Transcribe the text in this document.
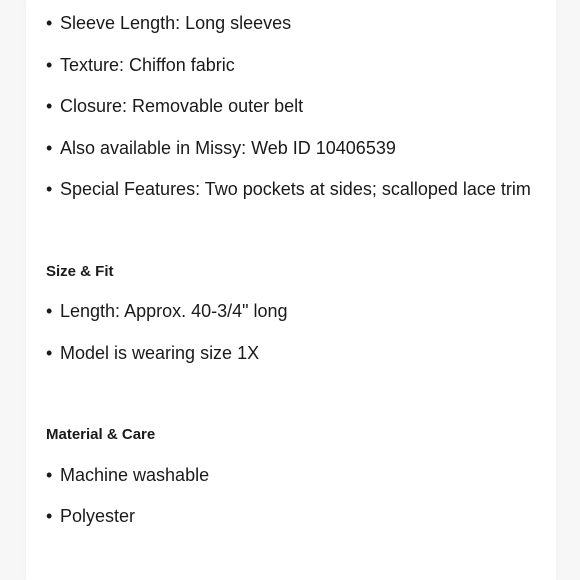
• Sleeve Length: Long sleeves
• Texture: Chiffon fabric
• Closure: Removable outer belt
• Also available in Missy: Web ID 10406539
• Special Features: Two pockets at sides; scalloped lace trim
Size & Fit
• Length: Approx. 40-3/4" long
• Model is wearing size 1X
Material & Care
• Machine washable
• Polyester
